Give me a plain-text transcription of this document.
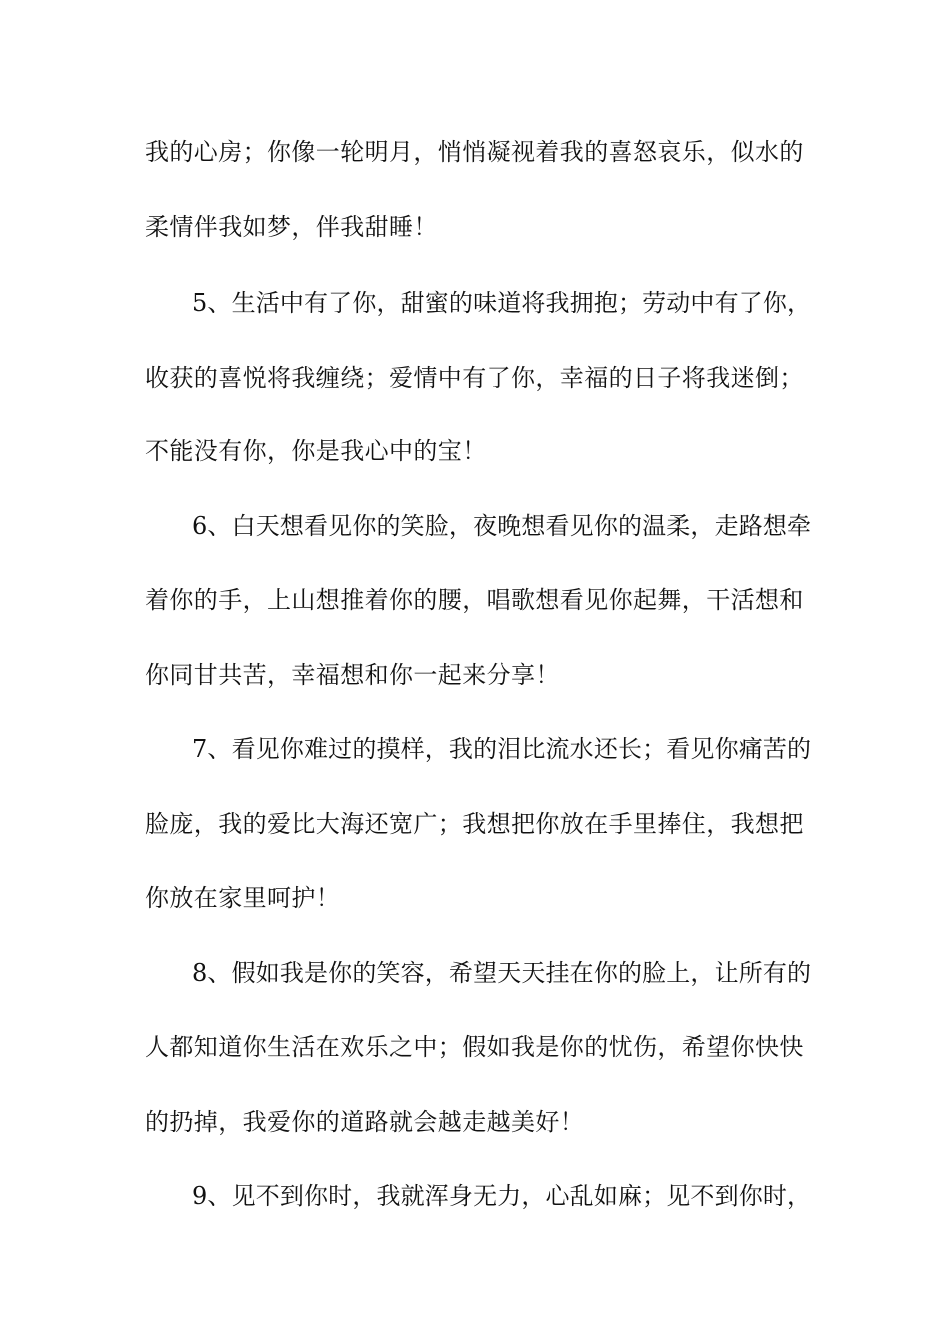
我的心房；你像一轮明月，悄悄凝视着我的喜怒哀乐，似水的

柔情伴我如梦，伴我甜睡！

5、生活中有了你，甜蜜的味道将我拥抱；劳动中有了你，

收获的喜悦将我缠绕；爱情中有了你，幸福的日子将我迷倒；

不能没有你，你是我心中的宝！

6、白天想看见你的笑脸，夜晚想看见你的温柔，走路想牵

着你的手，上山想推着你的腰，唱歌想看见你起舞，干活想和

你同甘共苦，幸福想和你一起来分享！

7、看见你难过的摸样，我的泪比流水还长；看见你痛苦的

脸庞，我的爱比大海还宽广；我想把你放在手里捧住，我想把

你放在家里呵护！

8、假如我是你的笑容，希望天天挂在你的脸上，让所有的

人都知道你生活在欢乐之中；假如我是你的忧伤，希望你快快

的扔掉，我爱你的道路就会越走越美好！

9、见不到你时，我就浑身无力，心乱如麻；见不到你时，
